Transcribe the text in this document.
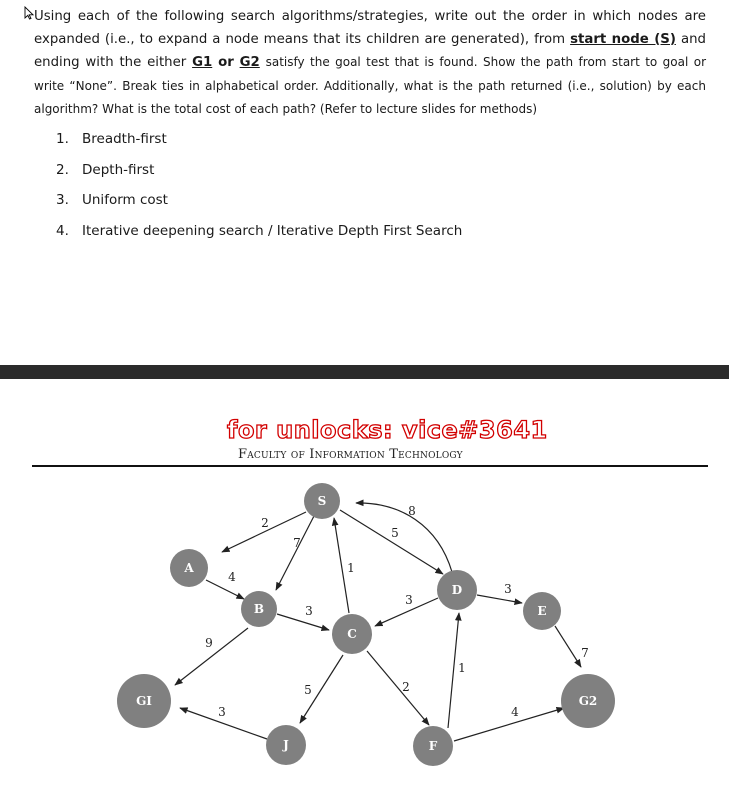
Using each of the following search algorithms/strategies, write out the order in which nodes are expanded (i.e., to expand a node means that its children are generated), from start node (S) and ending with the either G1 or G2 satisfy the goal test that is found. Show the path from start to goal or write “None”. Break ties in alphabetical order. Additionally, what is the path returned (i.e., solution) by each algorithm? What is the total cost of each path? (Refer to lecture slides for methods)

1. Breadth-first
2. Depth-first
3. Uniform cost
4. Iterative deepening search / Iterative Depth First Search
for unlocks: vice#3641
Faculty of Information Technology
2
7
1
5
8
4
3
3
3
7
9
3
5	2
1
4
S
A
B
C
D
E
GI	G2
J	F
